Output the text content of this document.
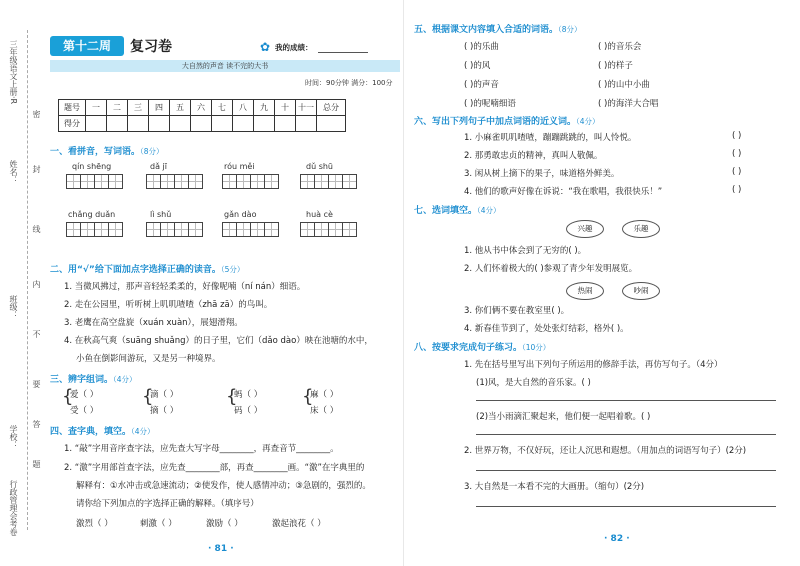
三年级语文上册·R
姓名：
班级：
学校：
行政管理会考卷
密
封
线
内
不
要
答
题
第十二周	复习卷	✿ 我的成绩：
大自然的声音 读不完的大书
时间：90分钟 满分：100分
题号	一	二	三	四	五	六	七	八	九	十	十一	总分
得分												
一、看拼音，写词语。（8分）
qín shēng	dǎ jī	róu měi	dǔ shū
chǎng duǎn	lì shǔ	gǎn dào	huà cè
二、用“√”给下面加点字选择正确的读音。（5分）
1. 当微风拂过，那声音轻轻柔柔的，好像呢喃（ní nán）细语。
2. 走在公园里，听听树上叽叽喳喳（zhā zā）的鸟叫。
3. 老鹰在高空盘旋（xuán xuàn），展翅滑翔。
4. 在秋高气爽（suāng shuǎng）的日子里，它们（dǎo dào）映在池塘的水中，
小鱼在倒影间游玩，又是另一种境界。
三、辨字组词。（4分）
{
爱（ ）
受（ ）
{
滴（ ）
摘（ ）
{
蚂（ ）
码（ ）
{
麻（ ）
床（ ）
四、查字典，填空。（4分）
1. “敲”字用音序查字法，应先查大写字母________，再查音节________。
2. “激”字用部首查字法，应先查________部，再查________画。“激”在字典里的
解释有：①水冲击或急速流动；②使发作，使人感情冲动；③急剧的，强烈的。
请你给下列加点的字选择正确的解释。（填序号）
激烈（ ）	刺激（ ）	激励（ ）	激起浪花（ ）
· 81 ·
五、根据课文内容填入合适的词语。（8分）
( )的乐曲	( )的音乐会
( )的风	( )的样子
( )的声音	( )的山中小曲
( )的呢喃细语	( )的海洋大合唱
六、写出下列句子中加点词语的近义词。（4分）
1. 小麻雀叽叽喳喳，蹦蹦跳跳的，叫人怜悦。	( )
2. 那勇敢忠贞的精神，真叫人敬佩。	( )
3. 闲从树上摘下的果子，味道格外鲜美。	( )
4. 他们的歌声好像在诉说：“我在歌唱，我很快乐！”	( )
七、选词填空。（4分）
兴趣	乐趣
1. 他从书中体会到了无穷的( )。
2. 人们怀着极大的( )参观了青少年发明展览。
热闹	吵闹
3. 你们俩不要在教室里( )。
4. 新春佳节到了，处处张灯结彩，格外( )。
八、按要求完成句子练习。（10分）
1. 先在括号里写出下列句子所运用的修辞手法，再仿写句子。（4分）
(1)风，是大自然的音乐家。( )
(2)当小雨滴汇聚起来，他们便一起唱着歌。( )
2. 世界万物，不仅好玩，还让人沉思和遐想。（用加点的词语写句子）(2分)
3. 大自然是一本看不完的大画册。（缩句）(2分)
· 82 ·
